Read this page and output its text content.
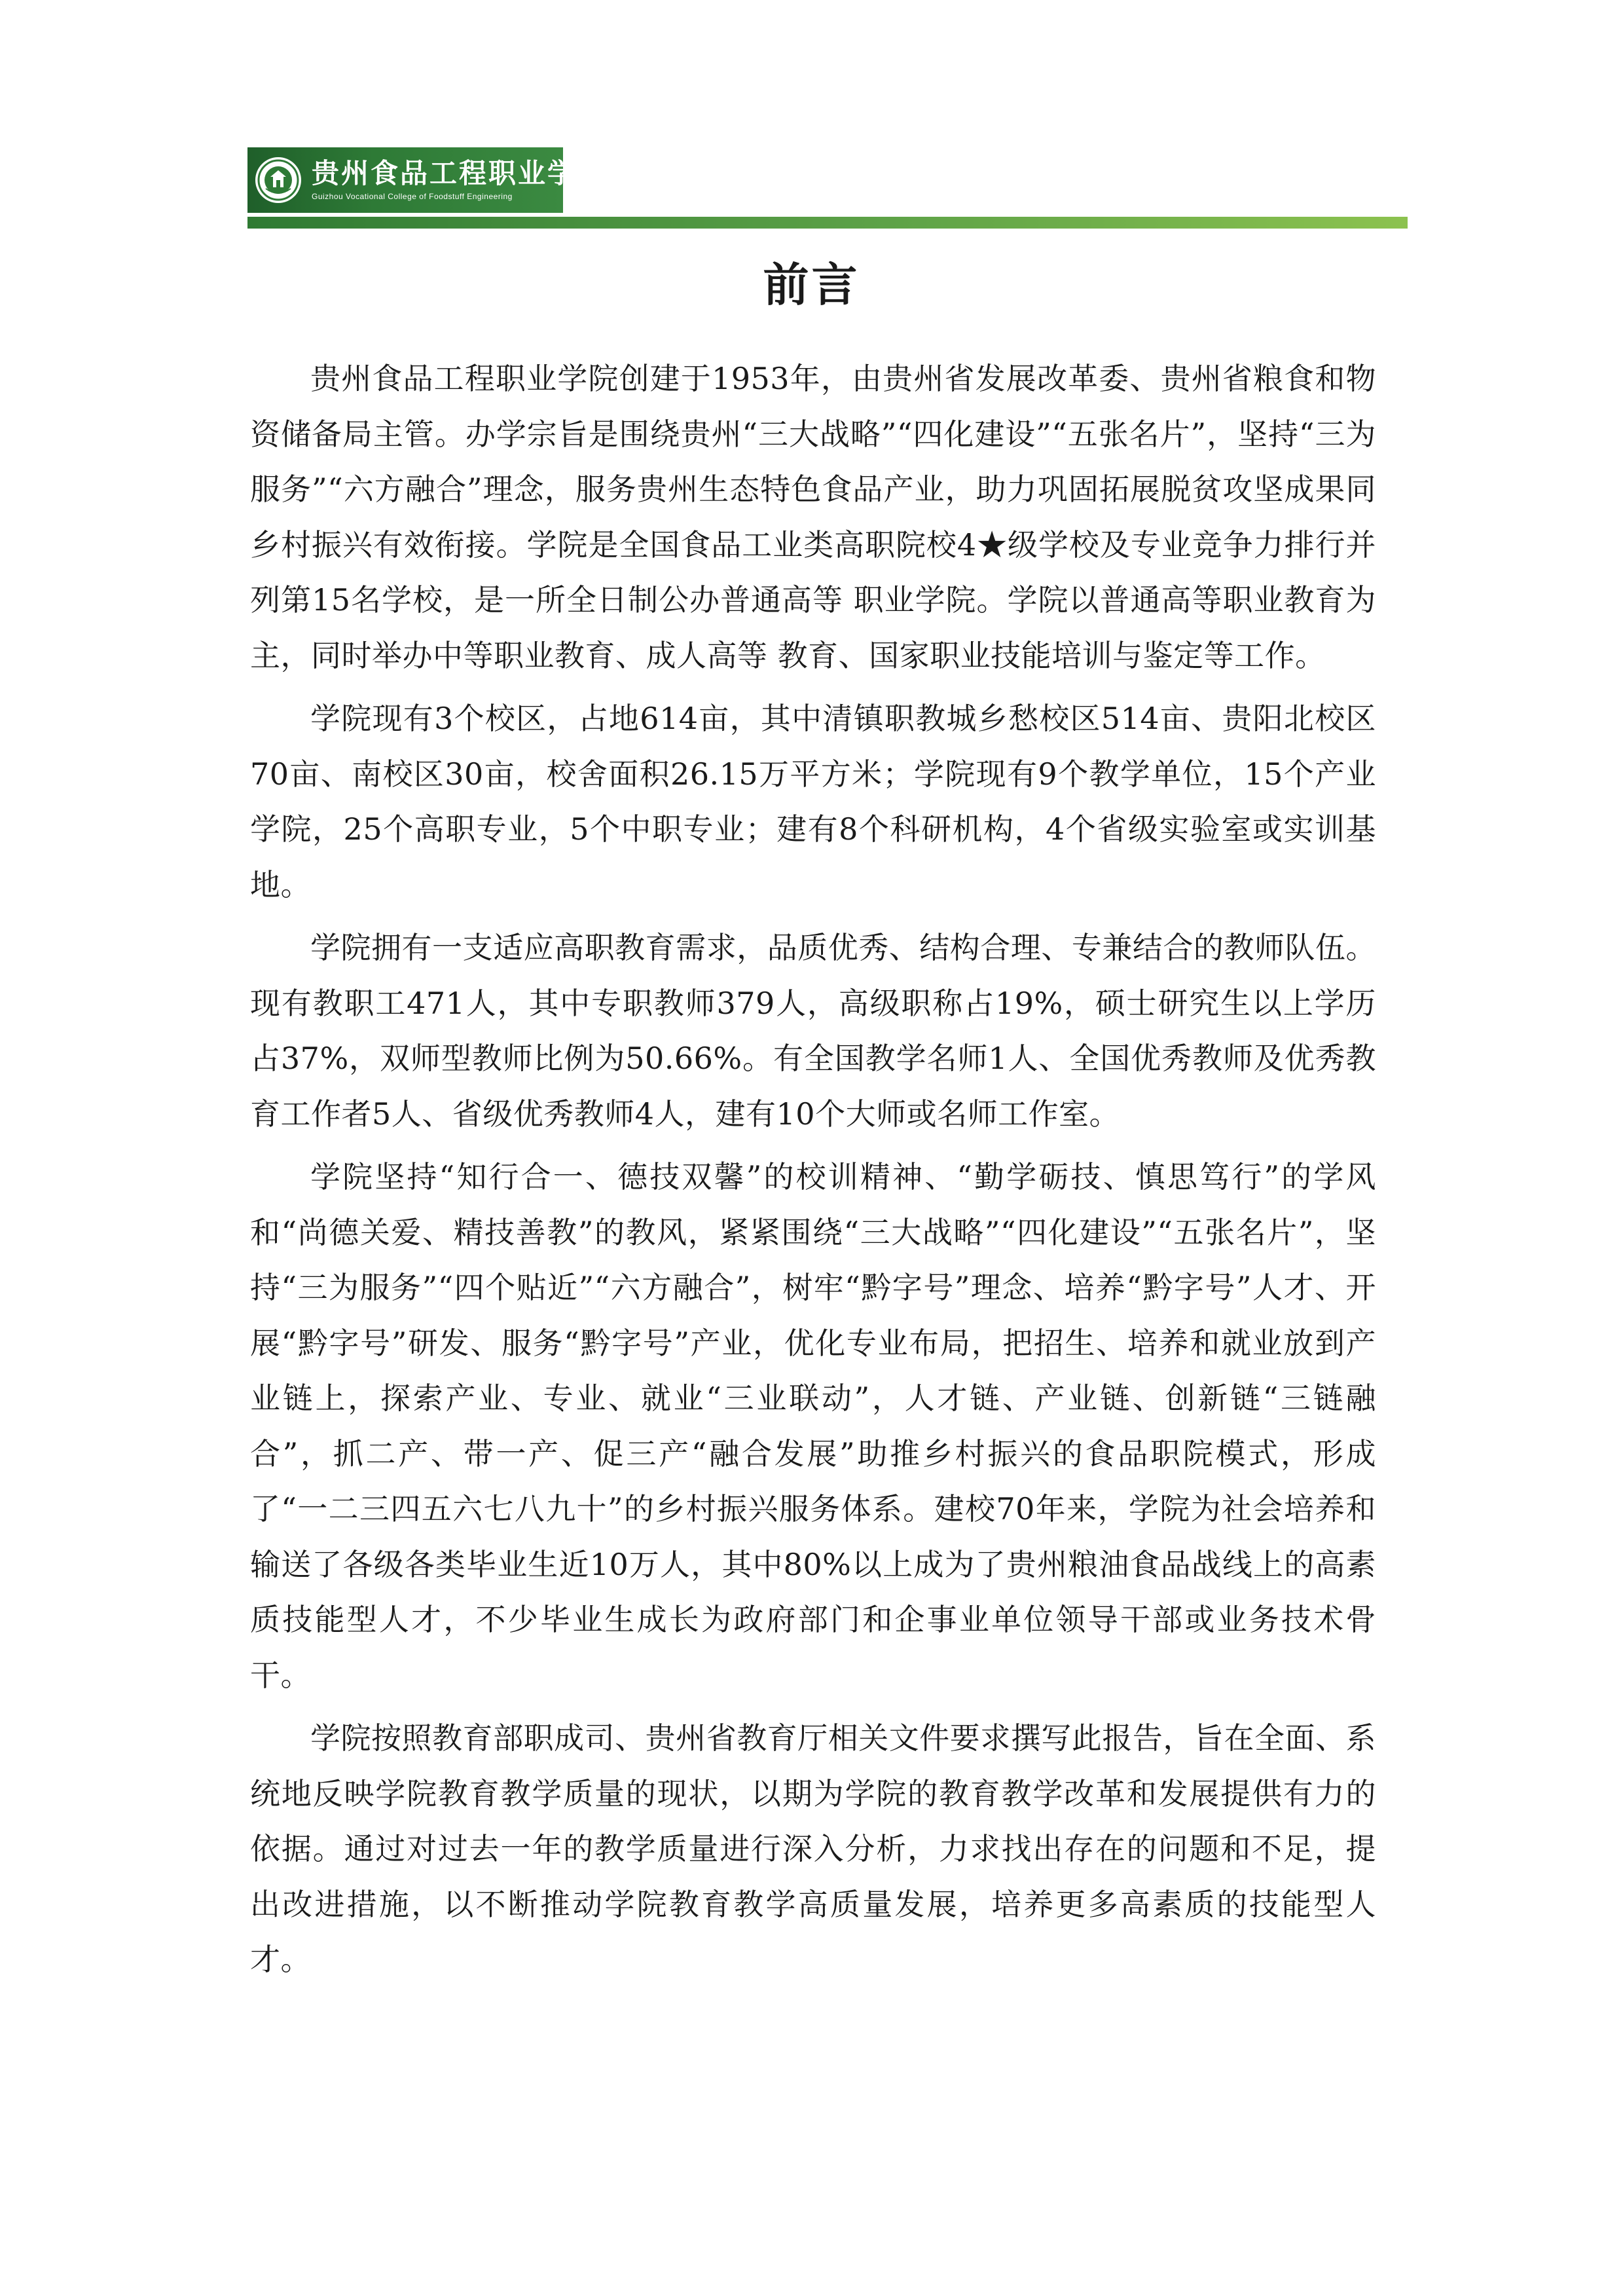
贵州食品工程职业学院
Guizhou Vocational College of Foodstuff Engineering
前言

贵州食品工程职业学院创建于1953年，由贵州省发展改革委、贵州省粮食和物资储备局主管。办学宗旨是围绕贵州“三大战略”“四化建设”“五张名片”，坚持“三为服务”“六方融合”理念，服务贵州生态特色食品产业，助力巩固拓展脱贫攻坚成果同乡村振兴有效衔接。学院是全国食品工业类高职院校4★级学校及专业竞争力排行并列第15名学校，是一所全日制公办普通高等 职业学院。学院以普通高等职业教育为主，同时举办中等职业教育、成人高等 教育、国家职业技能培训与鉴定等工作。

学院现有3个校区，占地614亩，其中清镇职教城乡愁校区514亩、贵阳北校区70亩、南校区30亩，校舍面积26.15万平方米；学院现有9个教学单位，15个产业学院，25个高职专业，5个中职专业；建有8个科研机构，4个省级实验室或实训基地。

学院拥有一支适应高职教育需求，品质优秀、结构合理、专兼结合的教师队伍。现有教职工471人，其中专职教师379人，高级职称占19%，硕士研究生以上学历占37%，双师型教师比例为50.66%。有全国教学名师1人、全国优秀教师及优秀教育工作者5人、省级优秀教师4人，建有10个大师或名师工作室。

学院坚持“知行合一、德技双馨”的校训精神、“勤学砺技、慎思笃行”的学风和“尚德关爱、精技善教”的教风，紧紧围绕“三大战略”“四化建设”“五张名片”，坚持“三为服务”“四个贴近”“六方融合”，树牢“黔字号”理念、培养“黔字号”人才、开展“黔字号”研发、服务“黔字号”产业，优化专业布局，把招生、培养和就业放到产业链上，探索产业、专业、就业“三业联动”，人才链、产业链、创新链“三链融合”，抓二产、带一产、促三产“融合发展”助推乡村振兴的食品职院模式，形成了“一二三四五六七八九十”的乡村振兴服务体系。建校70年来，学院为社会培养和输送了各级各类毕业生近10万人，其中80%以上成为了贵州粮油食品战线上的高素质技能型人才，不少毕业生成长为政府部门和企事业单位领导干部或业务技术骨干。

学院按照教育部职成司、贵州省教育厅相关文件要求撰写此报告，旨在全面、系统地反映学院教育教学质量的现状，以期为学院的教育教学改革和发展提供有力的依据。通过对过去一年的教学质量进行深入分析，力求找出存在的问题和不足，提出改进措施，以不断推动学院教育教学高质量发展，培养更多高素质的技能型人才。
